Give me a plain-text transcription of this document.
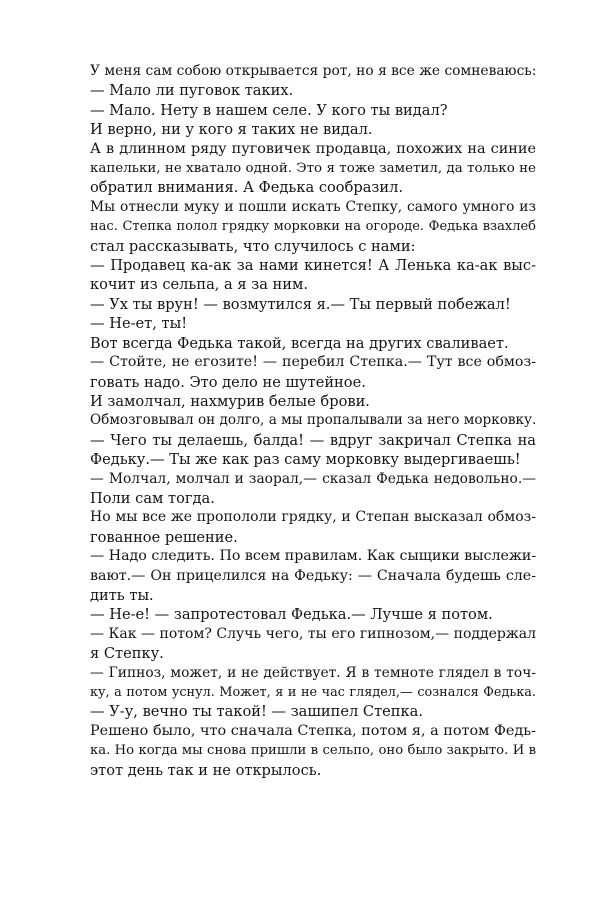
У меня сам собою открывается рот, но я все же сомневаюсь:
— Мало ли пуговок таких.
— Мало. Нету в нашем селе. У кого ты видал?
И верно, ни у кого я таких не видал.
А в длинном ряду пуговичек продавца, похожих на синие
капельки, не хватало одной. Это я тоже заметил, да только не
обратил внимания. А Федька сообразил.
Мы отнесли муку и пошли искать Степку, самого умного из
нас. Степка полол грядку морковки на огороде. Федька взахлеб
стал рассказывать, что случилось с нами:
— Продавец ка-ак за нами кинется! А Ленька ка-ак выс-
кочит из сельпа, а я за ним.
— Ух ты врун! — возмутился я.— Ты первый побежал!
— Не-ет, ты!
Вот всегда Федька такой, всегда на других сваливает.
— Стойте, не егозите! — перебил Степка.— Тут все обмоз-
говать надо. Это дело не шутейное.
И замолчал, нахмурив белые брови.
Обмозговывал он долго, а мы пропалывали за него морковку.
— Чего ты делаешь, балда! — вдруг закричал Степка на
Федьку.— Ты же как раз саму морковку выдергиваешь!
— Молчал, молчал и заорал,— сказал Федька недовольно.—
Поли сам тогда.
Но мы все же пропололи грядку, и Степан высказал обмоз-
гованное решение.
— Надо следить. По всем правилам. Как сыщики выслежи-
вают.— Он прицелился на Федьку: — Сначала будешь сле-
дить ты.
— Не-е! — запротестовал Федька.— Лучше я потом.
— Как — потом? Случь чего, ты его гипнозом,— поддержал
я Степку.
— Гипноз, может, и не действует. Я в темноте глядел в точ-
ку, а потом уснул. Может, я и не час глядел,— сознался Федька.
— У-у, вечно ты такой! — зашипел Степка.
Решено было, что сначала Степка, потом я, а потом Федь-
ка. Но когда мы снова пришли в сельпо, оно было закрыто. И в
этот день так и не открылось.
